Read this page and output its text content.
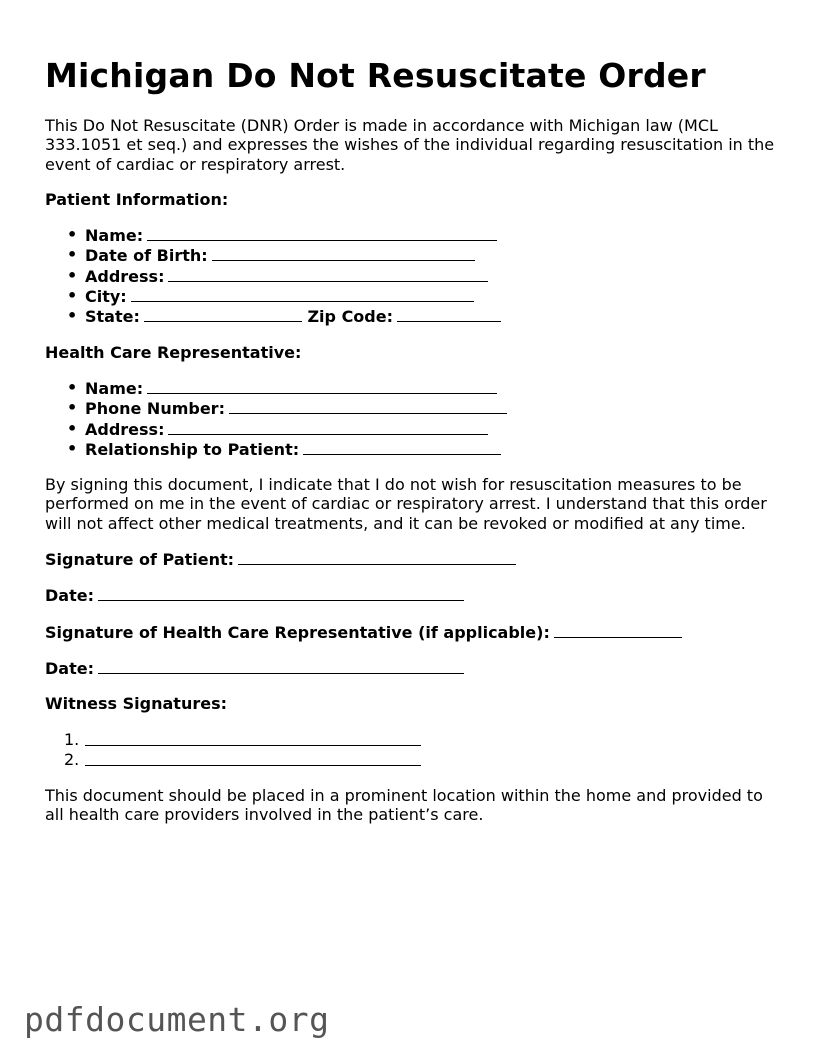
Michigan Do Not Resuscitate Order

This Do Not Resuscitate (DNR) Order is made in accordance with Michigan law (MCL 333.1051 et seq.) and expresses the wishes of the individual regarding resuscitation in the event of cardiac or respiratory arrest.

Patient Information:
• Name:
• Date of Birth:
• Address:
• City:
• State:	Zip Code:
Health Care Representative:
• Name:
• Phone Number:
• Address:
• Relationship to Patient:

By signing this document, I indicate that I do not wish for resuscitation measures to be performed on me in the event of cardiac or respiratory arrest. I understand that this order will not affect other medical treatments, and it can be revoked or modified at any time.

Signature of Patient:
Date:
Signature of Health Care Representative (if applicable):
Date:
Witness Signatures:
1.
2.

This document should be placed in a prominent location within the home and provided to all health care providers involved in the patient’s care.

pdfdocument.org
